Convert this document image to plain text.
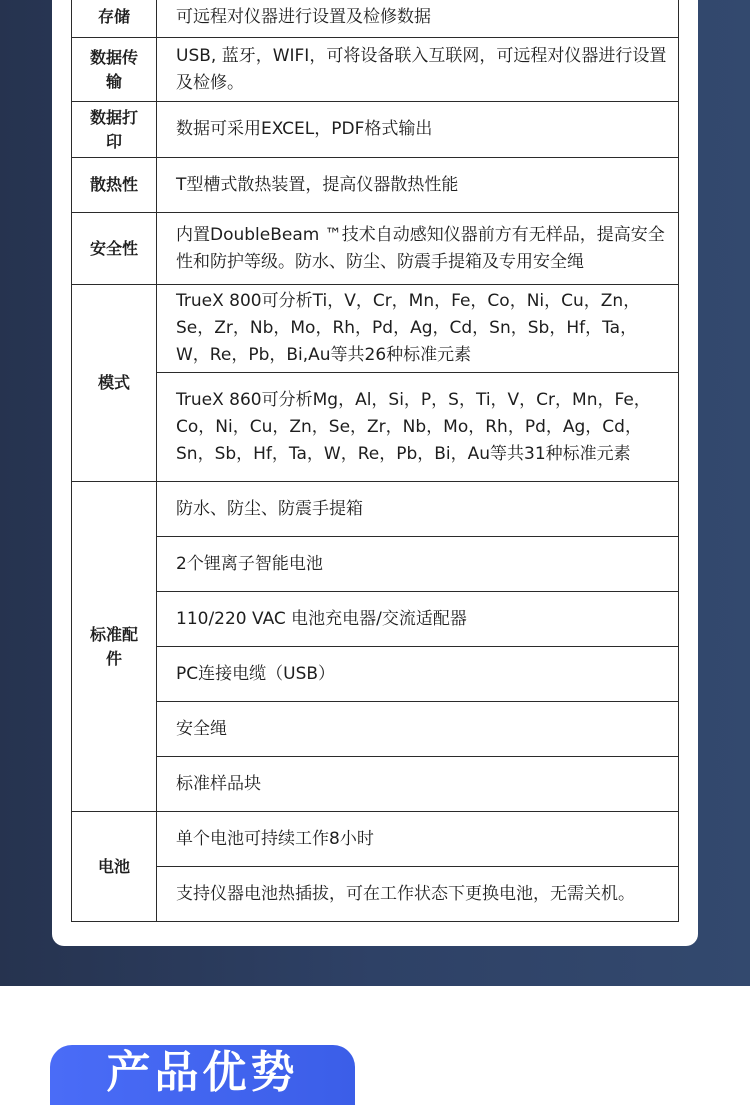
存储	可远程对仪器进行设置及检修数据
数据传输	USB, 蓝牙，WIFI，可将设备联入互联网，可远程对仪器进行设置及检修。
数据打印	数据可采用EXCEL，PDF格式输出
散热性	T型槽式散热装置，提高仪器散热性能
安全性	内置DoubleBeam ™技术自动感知仪器前方有无样品，提高安全性和防护等级。防水、防尘、防震手提箱及专用安全绳
模式	TrueX 800可分析Ti，V，Cr，Mn，Fe，Co，Ni，Cu，Zn，Se，Zr，Nb，Mo，Rh，Pd，Ag，Cd，Sn，Sb，Hf，Ta，W，Re，Pb，Bi,Au等共26种标准元素
	TrueX 860可分析Mg，Al，Si，P，S，Ti，V，Cr，Mn，Fe，Co，Ni，Cu，Zn，Se，Zr，Nb，Mo，Rh，Pd，Ag，Cd，Sn，Sb，Hf，Ta，W，Re，Pb，Bi，Au等共31种标准元素
标准配件	防水、防尘、防震手提箱
	2个锂离子智能电池
	110/220 VAC 电池充电器/交流适配器
	PC连接电缆（USB）
	安全绳
	标准样品块
电池	单个电池可持续工作8小时
	支持仪器电池热插拔，可在工作状态下更换电池，无需关机。
产品优势
